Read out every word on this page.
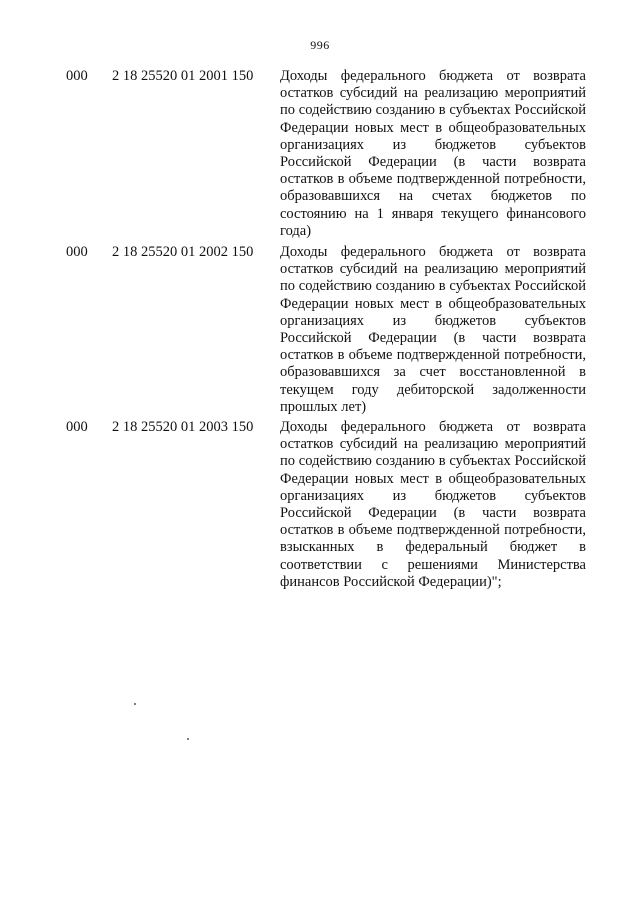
996
000 2 18 25520 01 2001 150 Доходы федерального бюджета от возврата остатков субсидий на реализацию мероприятий по содействию созданию в субъектах Российской Федерации новых мест в общеобразовательных организациях из бюджетов субъектов Российской Федерации (в части возврата остатков в объеме подтвержденной потребности, образовавшихся на счетах бюджетов по состоянию на 1 января текущего финансового года)
000 2 18 25520 01 2002 150 Доходы федерального бюджета от возврата остатков субсидий на реализацию мероприятий по содействию созданию в субъектах Российской Федерации новых мест в общеобразовательных организациях из бюджетов субъектов Российской Федерации (в части возврата остатков в объеме подтвержденной потребности, образовавшихся за счет восстановленной в текущем году дебиторской задолженности прошлых лет)
000 2 18 25520 01 2003 150 Доходы федерального бюджета от возврата остатков субсидий на реализацию мероприятий по содействию созданию в субъектах Российской Федерации новых мест в общеобразовательных организациях из бюджетов субъектов Российской Федерации (в части возврата остатков в объеме подтвержденной потребности, взысканных в федеральный бюджет в соответствии с решениями Министерства финансов Российской Федерации)";
